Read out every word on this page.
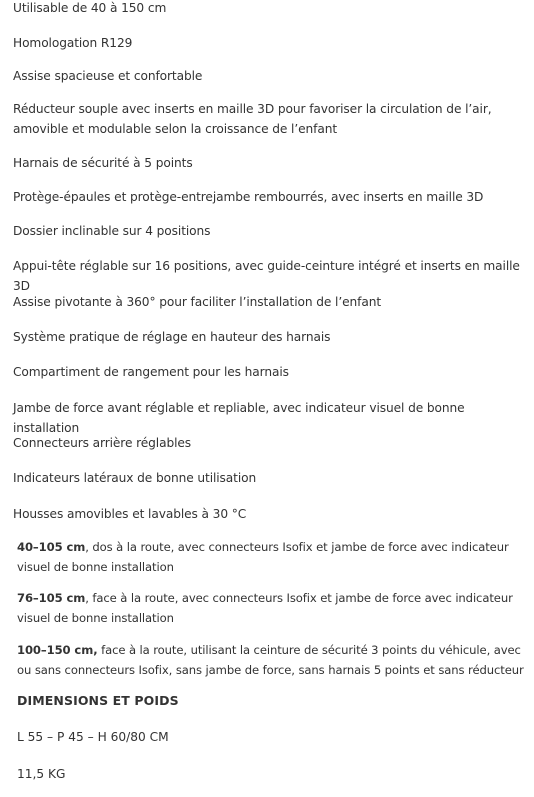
Utilisable de 40 à 150 cm

Homologation R129

Assise spacieuse et confortable

Réducteur souple avec inserts en maille 3D pour favoriser la circulation de l’air, amovible et modulable selon la croissance de l’enfant

Harnais de sécurité à 5 points

Protège-épaules et protège-entrejambe rembourrés, avec inserts en maille 3D

Dossier inclinable sur 4 positions

Appui-tête réglable sur 16 positions, avec guide-ceinture intégré et inserts en maille 3D

Assise pivotante à 360° pour faciliter l’installation de l’enfant

Système pratique de réglage en hauteur des harnais

Compartiment de rangement pour les harnais

Jambe de force avant réglable et repliable, avec indicateur visuel de bonne installation

Connecteurs arrière réglables

Indicateurs latéraux de bonne utilisation

Housses amovibles et lavables à 30 °C

40–105 cm, dos à la route, avec connecteurs Isofix et jambe de force avec indicateur visuel de bonne installation

76–105 cm, face à la route, avec connecteurs Isofix et jambe de force avec indicateur visuel de bonne installation

100–150 cm, face à la route, utilisant la ceinture de sécurité 3 points du véhicule, avec ou sans connecteurs Isofix, sans jambe de force, sans harnais 5 points et sans réducteur

DIMENSIONS ET POIDS

L 55 – P 45 – H 60/80 CM

11,5 KG
